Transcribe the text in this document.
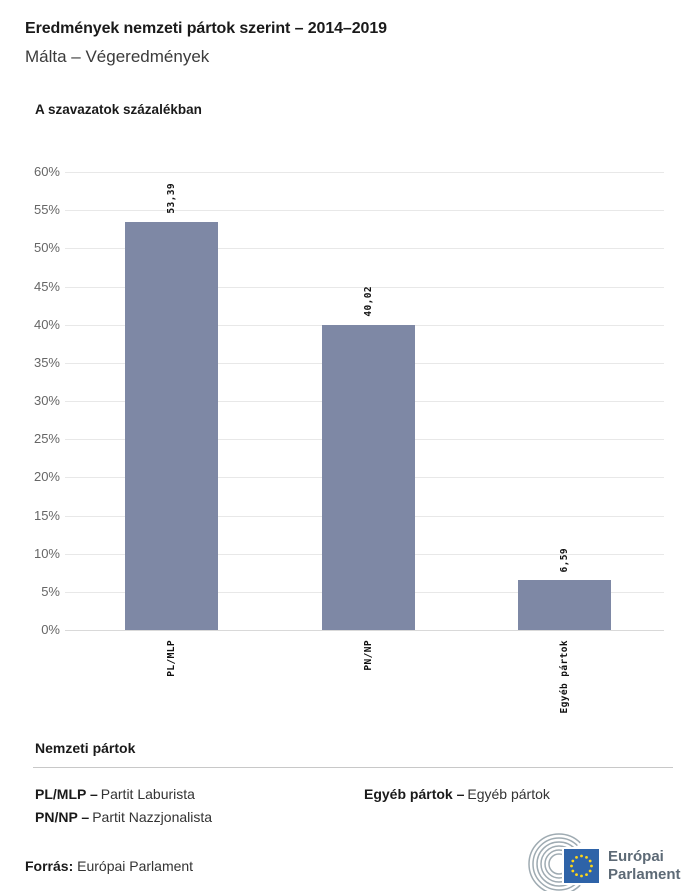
Eredmények nemzeti pártok szerint – 2014–2019
Málta – Végeredmények
A szavazatok százalékban
0%
5%
10%
15%
20%
25%
30%
35%
40%
45%
50%
55%
60%
53,39
PL/MLP
40,02
PN/NP
6,59
Egyéb pártok
Nemzeti pártok
PL/MLP – Partit Laburista
PN/NP – Partit Nazzjonalista
Egyéb pártok – Egyéb pártok
Forrás: Európai Parlament
Európai
Parlament
